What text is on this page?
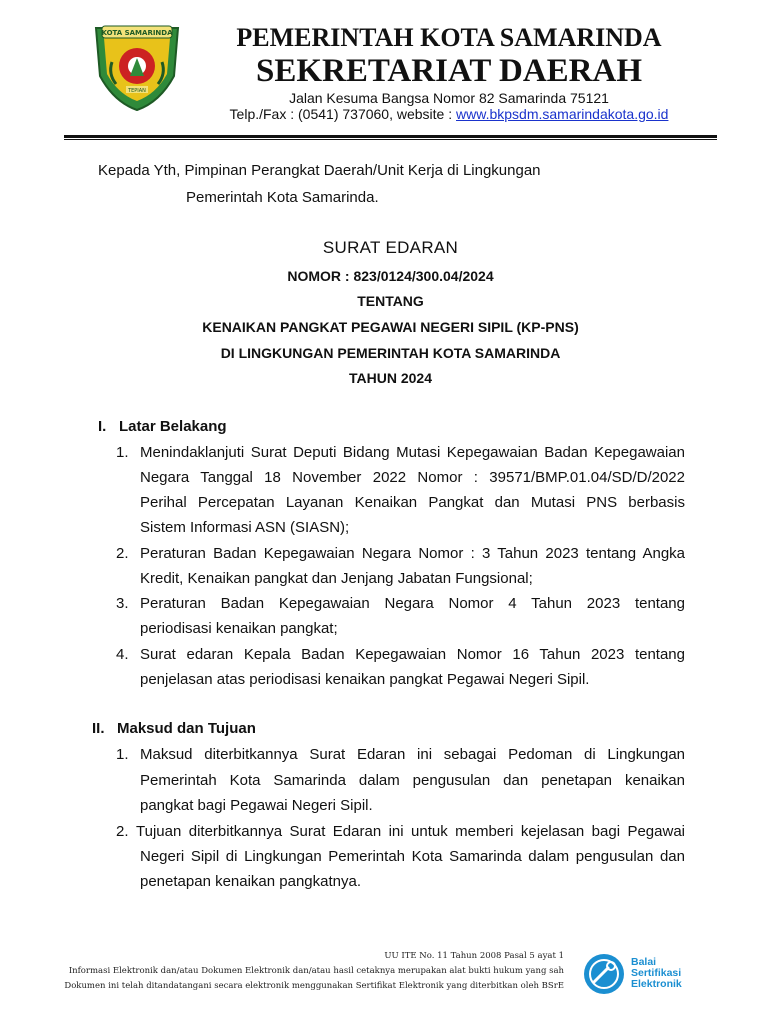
KOTA SAMARINDA
TEPIAN
PEMERINTAH KOTA SAMARINDA
SEKRETARIAT DAERAH
Jalan Kesuma Bangsa Nomor 82 Samarinda 75121
Telp./Fax : (0541) 737060, website : www.bkpsdm.samarindakota.go.id
Kepada Yth, Pimpinan Perangkat Daerah/Unit Kerja di Lingkungan
Pemerintah Kota Samarinda.
SURAT EDARAN
NOMOR : 823/0124/300.04/2024
TENTANG
KENAIKAN PANGKAT PEGAWAI NEGERI SIPIL (KP-PNS)
DI LINGKUNGAN PEMERINTAH KOTA SAMARINDA
TAHUN 2024
I. Latar Belakang
1. Menindaklanjuti Surat Deputi Bidang Mutasi Kepegawaian Badan Kepegawaian
Negara Tanggal 18 November 2022 Nomor : 39571/BMP.01.04/SD/D/2022
Perihal Percepatan Layanan Kenaikan Pangkat dan Mutasi PNS berbasis
Sistem Informasi ASN (SIASN);
2. Peraturan Badan Kepegawaian Negara Nomor : 3 Tahun 2023 tentang Angka
Kredit, Kenaikan pangkat dan Jenjang Jabatan Fungsional;
3. Peraturan Badan Kepegawaian Negara Nomor 4 Tahun 2023 tentang
periodisasi kenaikan pangkat;
4. Surat edaran Kepala Badan Kepegawaian Nomor 16 Tahun 2023 tentang
penjelasan atas periodisasi kenaikan pangkat Pegawai Negeri Sipil.
II. Maksud dan Tujuan
1. Maksud diterbitkannya Surat Edaran ini sebagai Pedoman di Lingkungan
Pemerintah Kota Samarinda dalam pengusulan dan penetapan kenaikan
pangkat bagi Pegawai Negeri Sipil.
2. Tujuan diterbitkannya Surat Edaran ini untuk memberi kejelasan bagi Pegawai
Negeri Sipil di Lingkungan Pemerintah Kota Samarinda dalam pengusulan dan
penetapan kenaikan pangkatnya.
UU ITE No. 11 Tahun 2008 Pasal 5 ayat 1
Informasi Elektronik dan/atau Dokumen Elektronik dan/atau hasil cetaknya merupakan alat bukti hukum yang sah
Dokumen ini telah ditandatangani secara elektronik menggunakan Sertifikat Elektronik yang diterbitkan oleh BSrE
Balai
Sertifikasi
Elektronik
